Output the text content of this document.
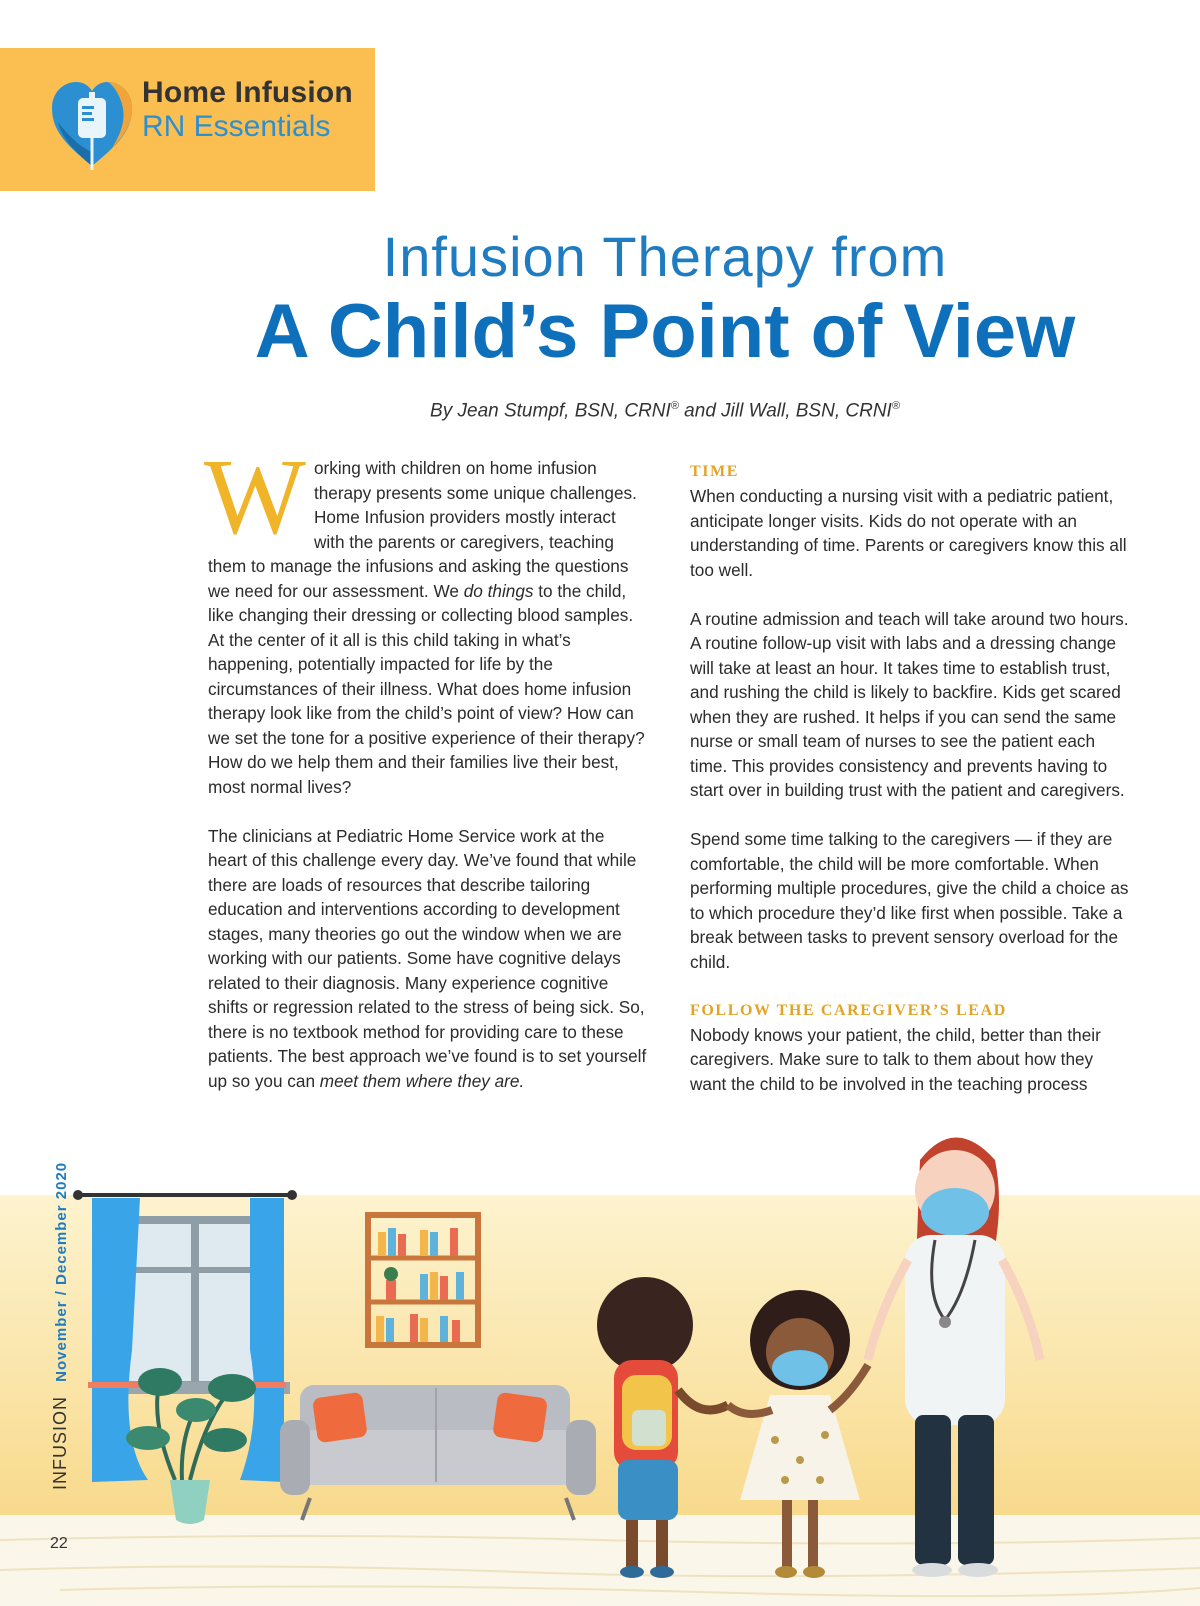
Home Infusion
RN Essentials
Infusion Therapy from
A Child’s Point of View
By Jean Stumpf, BSN, CRNI® and Jill Wall, BSN, CRNI®

Working with children on home infusion therapy presents some unique challenges. Home Infusion providers mostly interact with the parents or caregivers, teaching them to manage the infusions and asking the questions we need for our assessment. We do things to the child, like changing their dressing or collecting blood samples. At the center of it all is this child taking in what’s happening, potentially impacted for life by the circumstances of their illness. What does home infusion therapy look like from the child’s point of view? How can we set the tone for a positive experience of their therapy? How do we help them and their families live their best, most normal lives?

The clinicians at Pediatric Home Service work at the heart of this challenge every day. We’ve found that while there are loads of resources that describe tailoring education and interventions according to development stages, many theories go out the window when we are working with our patients. Some have cognitive delays related to their diagnosis. Many experience cognitive shifts or regression related to the stress of being sick. So, there is no textbook method for providing care to these patients. The best approach we’ve found is to set yourself up so you can meet them where they are.

TIME

When conducting a nursing visit with a pediatric patient, anticipate longer visits. Kids do not operate with an understanding of time. Parents or caregivers know this all too well.

A routine admission and teach will take around two hours. A routine follow-up visit with labs and a dressing change will take at least an hour. It takes time to establish trust, and rushing the child is likely to backfire. Kids get scared when they are rushed. It helps if you can send the same nurse or small team of nurses to see the patient each time. This provides consistency and prevents having to start over in building trust with the patient and caregivers.

Spend some time talking to the caregivers — if they are comfortable, the child will be more comfortable. When performing multiple procedures, give the child a choice as to which procedure they’d like first when possible. Take a break between tasks to prevent sensory overload for the child.

FOLLOW THE CAREGIVER’S LEAD

Nobody knows your patient, the child, better than their caregivers. Make sure to talk to them about how they want the child to be involved in the teaching process

INFUSION November / December 2020
22
